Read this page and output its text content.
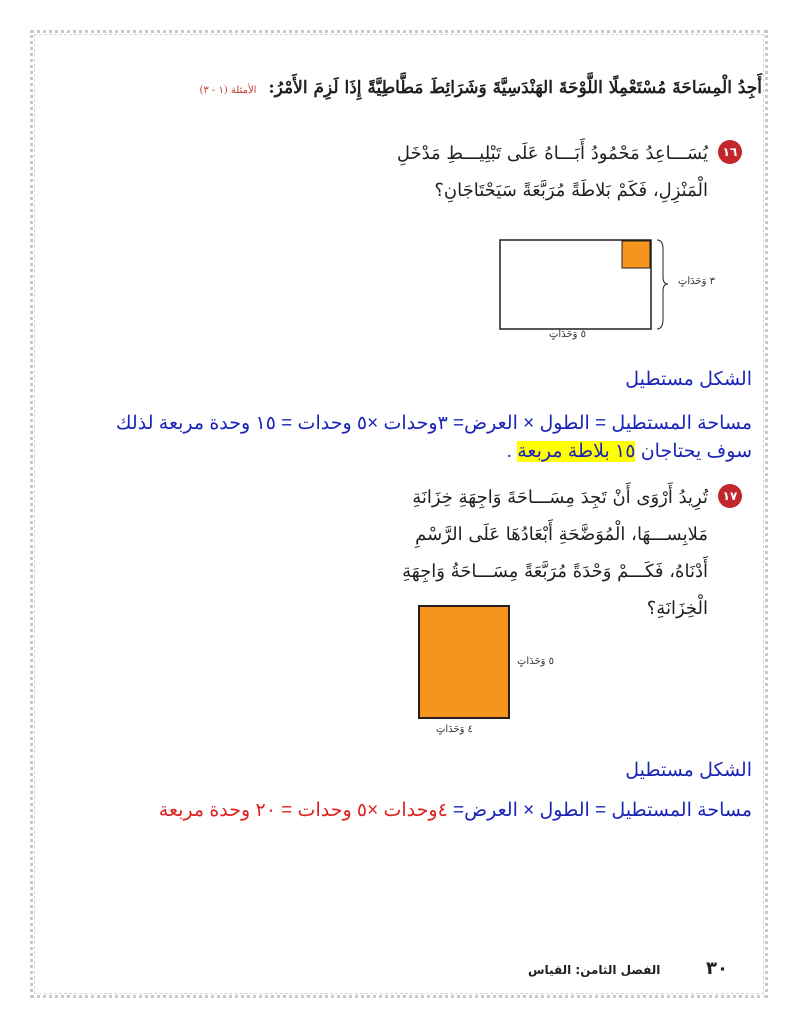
أَجِدُ الْمِسَاحَةَ مُسْتَعْمِلًا اللَّوْحَةَ الهَنْدَسِيَّةَ وَشَرَائِطَ مَطَّاطِيَّةً إِذَا لَزِمَ الأَمْرُ: الأمثلة (١ - ٣)
١٦
يُسَـــاعِدُ مَحْمُودُ أَبَـــاهُ عَلَى تَبْلِيـــطِ مَدْخَلِ
الْمَنْزِلِ، فَكَمْ بَلاطَةً مُرَبَّعَةً سَيَحْتَاجَانِ؟
٣ وَحَدَاتٍ
٥ وَحَدَاتٍ
الشكل مستطيل
مساحة المستطيل = الطول × العرض= ٣وحدات ×٥ وحدات = ١٥ وحدة مربعة لذلك
سوف يحتاجان ١٥ بلاطة مربعة .
١٧
تُرِيدُ أَرْوَى أَنْ تَجِدَ مِسَـــاحَةَ وَاجِهَةِ خِزَانَةِ
مَلابِســـهَا، الْمُوَضَّحَةِ أَبْعَادُهَا عَلَى الرَّسْمِ
أَدْنَاهُ، فَكَـــمْ وَحْدَةً مُرَبَّعَةً مِسَـــاحَةُ وَاجِهَةِ
الْخِزَانَةِ؟
٥ وَحَدَاتٍ
٤ وَحَدَاتٍ
الشكل مستطيل
مساحة المستطيل = الطول × العرض= ٤وحدات ×٥ وحدات = ٢٠ وحدة مربعة
٣٠
الفصل الثامن: القياس
